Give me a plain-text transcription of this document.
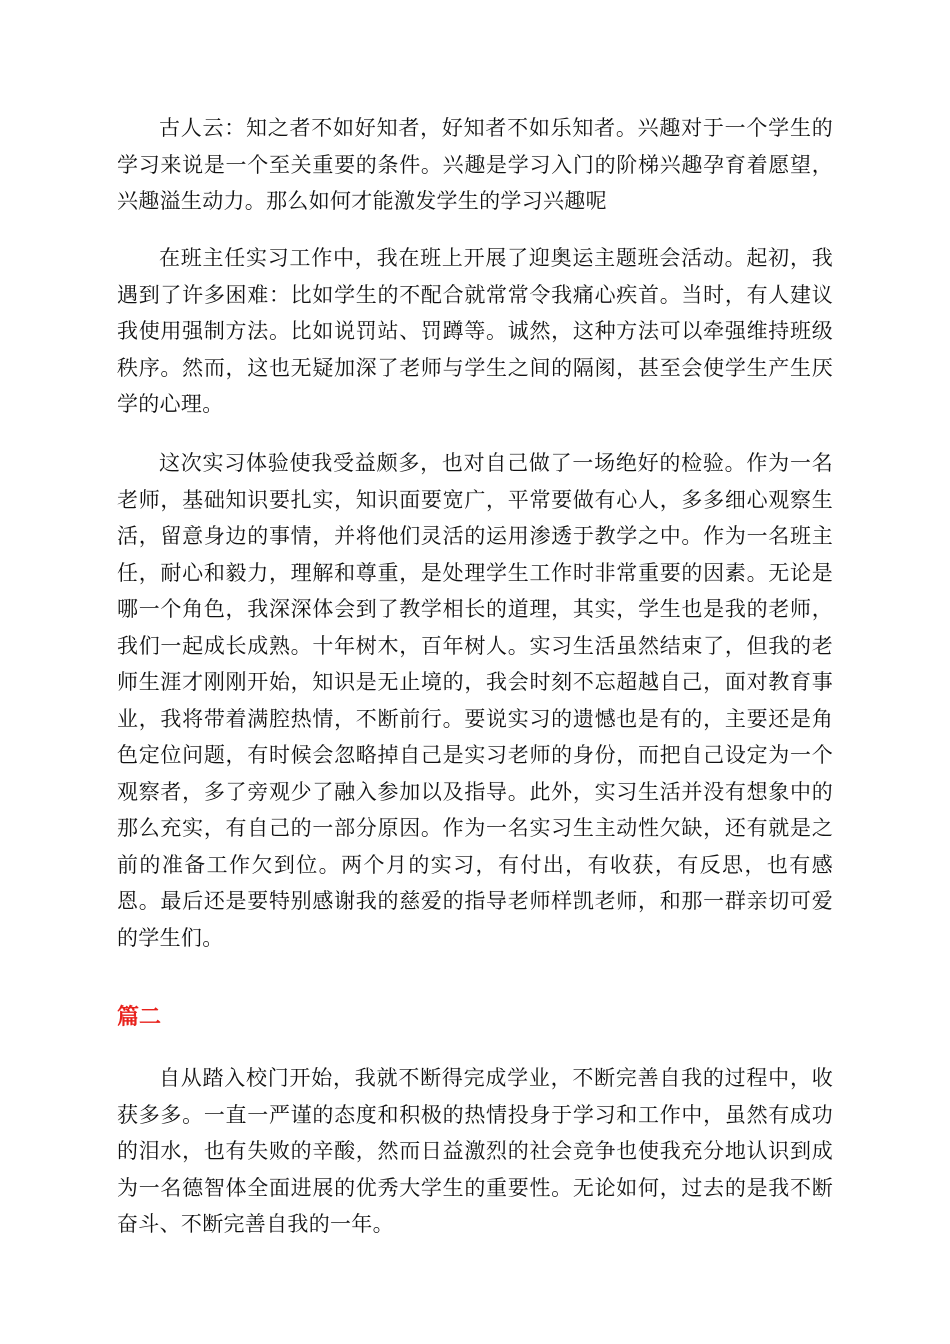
古人云：知之者不如好知者，好知者不如乐知者。兴趣对于一个学生的学习来说是一个至关重要的条件。兴趣是学习入门的阶梯兴趣孕育着愿望，兴趣溢生动力。那么如何才能激发学生的学习兴趣呢

在班主任实习工作中，我在班上开展了迎奥运主题班会活动。起初，我遇到了许多困难：比如学生的不配合就常常令我痛心疾首。当时，有人建议我使用强制方法。比如说罚站、罚蹲等。诚然，这种方法可以牵强维持班级秩序。然而，这也无疑加深了老师与学生之间的隔阂，甚至会使学生产生厌学的心理。

这次实习体验使我受益颇多，也对自己做了一场绝好的检验。作为一名老师，基础知识要扎实，知识面要宽广，平常要做有心人，多多细心观察生活，留意身边的事情，并将他们灵活的运用渗透于教学之中。作为一名班主任，耐心和毅力，理解和尊重，是处理学生工作时非常重要的因素。无论是哪一个角色，我深深体会到了教学相长的道理，其实，学生也是我的老师，我们一起成长成熟。十年树木，百年树人。实习生活虽然结束了，但我的老师生涯才刚刚开始，知识是无止境的，我会时刻不忘超越自己，面对教育事业，我将带着满腔热情，不断前行。要说实习的遗憾也是有的，主要还是角色定位问题，有时候会忽略掉自己是实习老师的身份，而把自己设定为一个观察者，多了旁观少了融入参加以及指导。此外，实习生活并没有想象中的那么充实，有自己的一部分原因。作为一名实习生主动性欠缺，还有就是之前的准备工作欠到位。两个月的实习，有付出，有收获，有反思，也有感恩。最后还是要特别感谢我的慈爱的指导老师样凯老师，和那一群亲切可爱的学生们。

篇二

自从踏入校门开始，我就不断得完成学业，不断完善自我的过程中，收获多多。一直一严谨的态度和积极的热情投身于学习和工作中，虽然有成功的泪水，也有失败的辛酸，然而日益激烈的社会竞争也使我充分地认识到成为一名德智体全面进展的优秀大学生的重要性。无论如何，过去的是我不断奋斗、不断完善自我的一年。
